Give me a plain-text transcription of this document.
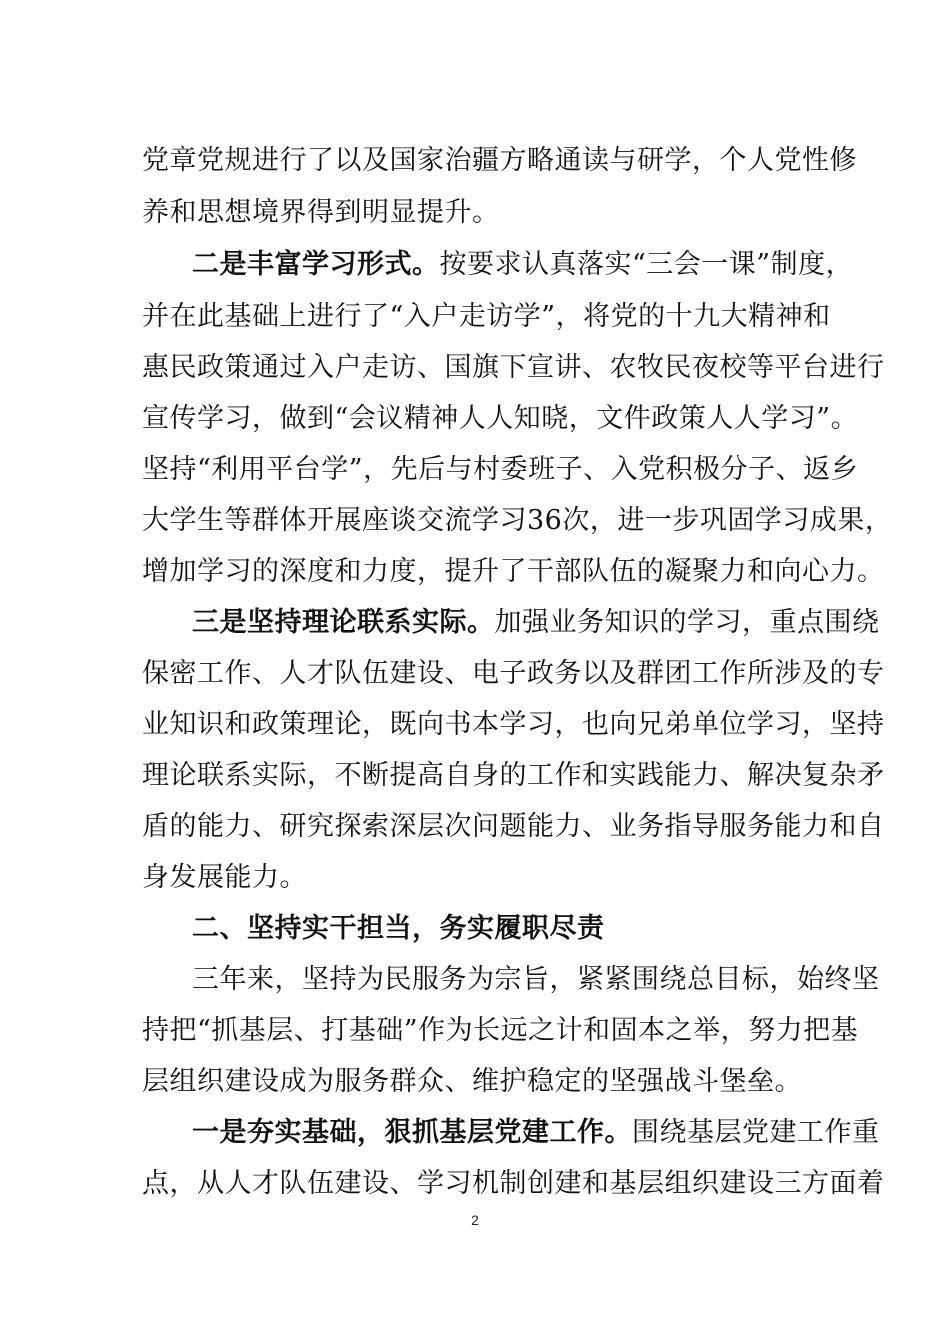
党章党规进行了以及国家治疆方略通读与研学，个人党性修
养和思想境界得到明显提升。
二是丰富学习形式。按要求认真落实“三会一课”制度，
并在此基础上进行了“入户走访学”，将党的十九大精神和
惠民政策通过入户走访、国旗下宣讲、农牧民夜校等平台进行
宣传学习，做到“会议精神人人知晓，文件政策人人学习”。
坚持“利用平台学”，先后与村委班子、入党积极分子、返乡
大学生等群体开展座谈交流学习36次，进一步巩固学习成果，
增加学习的深度和力度，提升了干部队伍的凝聚力和向心力。
三是坚持理论联系实际。加强业务知识的学习，重点围绕
保密工作、人才队伍建设、电子政务以及群团工作所涉及的专
业知识和政策理论，既向书本学习，也向兄弟单位学习，坚持
理论联系实际，不断提高自身的工作和实践能力、解决复杂矛
盾的能力、研究探索深层次问题能力、业务指导服务能力和自
身发展能力。
二、坚持实干担当，务实履职尽责
三年来，坚持为民服务为宗旨，紧紧围绕总目标，始终坚
持把“抓基层、打基础”作为长远之计和固本之举，努力把基
层组织建设成为服务群众、维护稳定的坚强战斗堡垒。
一是夯实基础，狠抓基层党建工作。围绕基层党建工作重
点，从人才队伍建设、学习机制创建和基层组织建设三方面着
2
